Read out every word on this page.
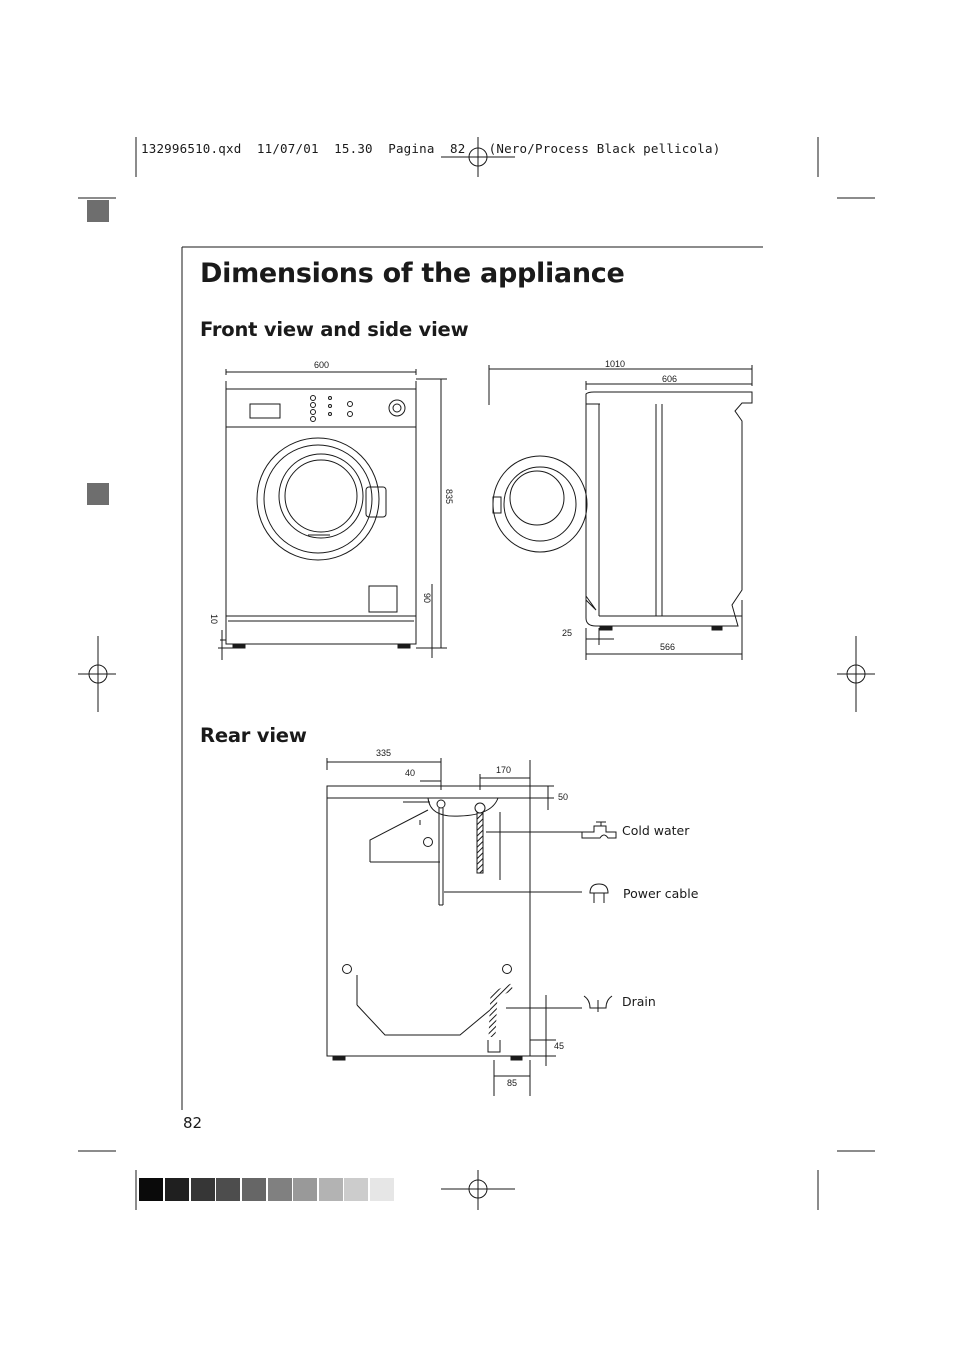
132996510.qxd  11/07/01  15.30  Pagina  82   (Nero/Process Black pellicola)
Dimensions of the appliance
Front view and side view
Rear view
600
835
10
90
1010
606
566
25
335
40	170
50
45
85
Cold water
Power cable
Drain
82
